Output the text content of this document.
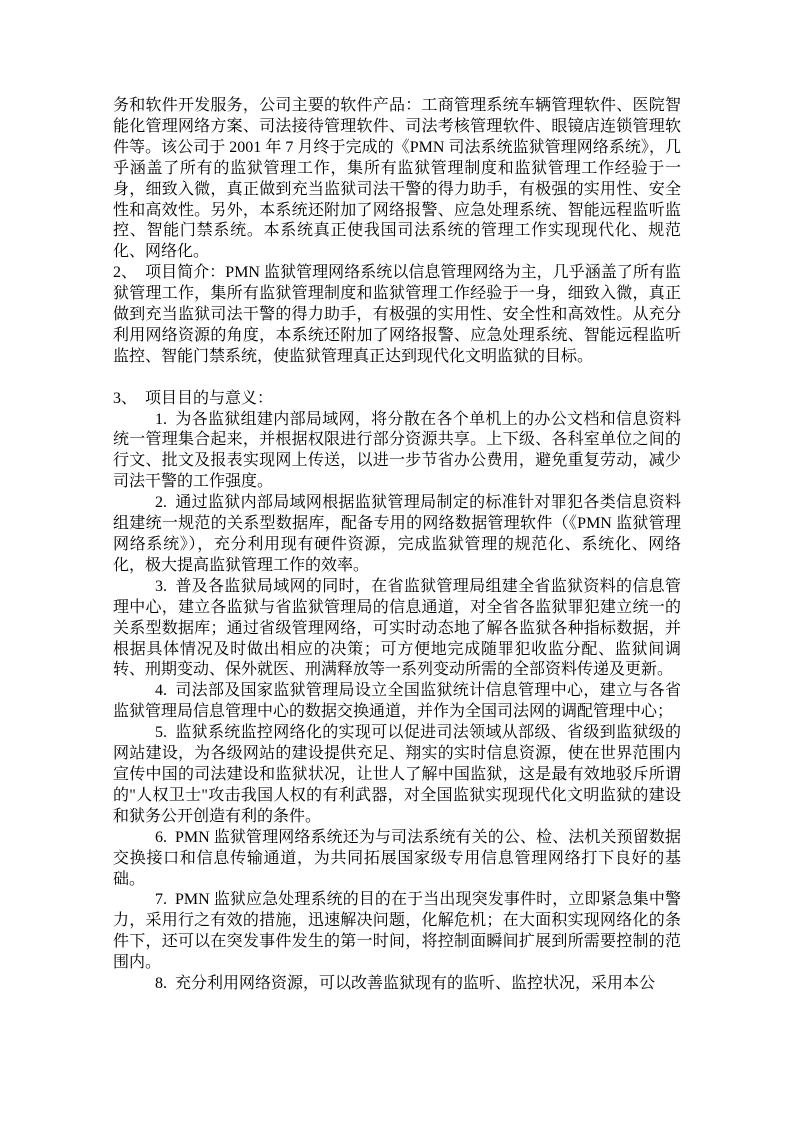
务和软件开发服务，公司主要的软件产品：工商管理系统车辆管理软件、医院智能化管理网络方案、司法接待管理软件、司法考核管理软件、眼镜店连锁管理软件等。该公司于 2001 年 7 月终于完成的《PMN 司法系统监狱管理网络系统》，几乎涵盖了所有的监狱管理工作，集所有监狱管理制度和监狱管理工作经验于一身，细致入微，真正做到充当监狱司法干警的得力助手，有极强的实用性、安全性和高效性。另外，本系统还附加了网络报警、应急处理系统、智能远程监听监控、智能门禁系统。本系统真正使我国司法系统的管理工作实现现代化、规范化、网络化。

2、 项目简介：PMN 监狱管理网络系统以信息管理网络为主，几乎涵盖了所有监狱管理工作，集所有监狱管理制度和监狱管理工作经验于一身，细致入微，真正做到充当监狱司法干警的得力助手，有极强的实用性、安全性和高效性。从充分利用网络资源的角度，本系统还附加了网络报警、应急处理系统、智能远程监听监控、智能门禁系统，使监狱管理真正达到现代化文明监狱的目标。

3、 项目目的与意义：

1. 为各监狱组建内部局域网，将分散在各个单机上的办公文档和信息资料统一管理集合起来，并根据权限进行部分资源共享。上下级、各科室单位之间的行文、批文及报表实现网上传送，以进一步节省办公费用，避免重复劳动，减少司法干警的工作强度。

2. 通过监狱内部局域网根据监狱管理局制定的标准针对罪犯各类信息资料组建统一规范的关系型数据库，配备专用的网络数据管理软件（《PMN 监狱管理网络系统》），充分利用现有硬件资源，完成监狱管理的规范化、系统化、网络化，极大提高监狱管理工作的效率。

3. 普及各监狱局域网的同时，在省监狱管理局组建全省监狱资料的信息管理中心，建立各监狱与省监狱管理局的信息通道，对全省各监狱罪犯建立统一的关系型数据库；通过省级管理网络，可实时动态地了解各监狱各种指标数据，并根据具体情况及时做出相应的决策；可方便地完成随罪犯收监分配、监狱间调转、刑期变动、保外就医、刑满释放等一系列变动所需的全部资料传递及更新。

4. 司法部及国家监狱管理局设立全国监狱统计信息管理中心，建立与各省监狱管理局信息管理中心的数据交换通道，并作为全国司法网的调配管理中心；

5. 监狱系统监控网络化的实现可以促进司法领域从部级、省级到监狱级的网站建设，为各级网站的建设提供充足、翔实的实时信息资源，使在世界范围内宣传中国的司法建设和监狱状况，让世人了解中国监狱，这是最有效地驳斥所谓的"人权卫士"攻击我国人权的有利武器，对全国监狱实现现代化文明监狱的建设和狱务公开创造有利的条件。

6. PMN 监狱管理网络系统还为与司法系统有关的公、检、法机关预留数据交换接口和信息传输通道，为共同拓展国家级专用信息管理网络打下良好的基础。

7. PMN 监狱应急处理系统的目的在于当出现突发事件时，立即紧急集中警力，采用行之有效的措施，迅速解决问题，化解危机；在大面积实现网络化的条件下，还可以在突发事件发生的第一时间，将控制面瞬间扩展到所需要控制的范围内。

8. 充分利用网络资源，可以改善监狱现有的监听、监控状况，采用本公
